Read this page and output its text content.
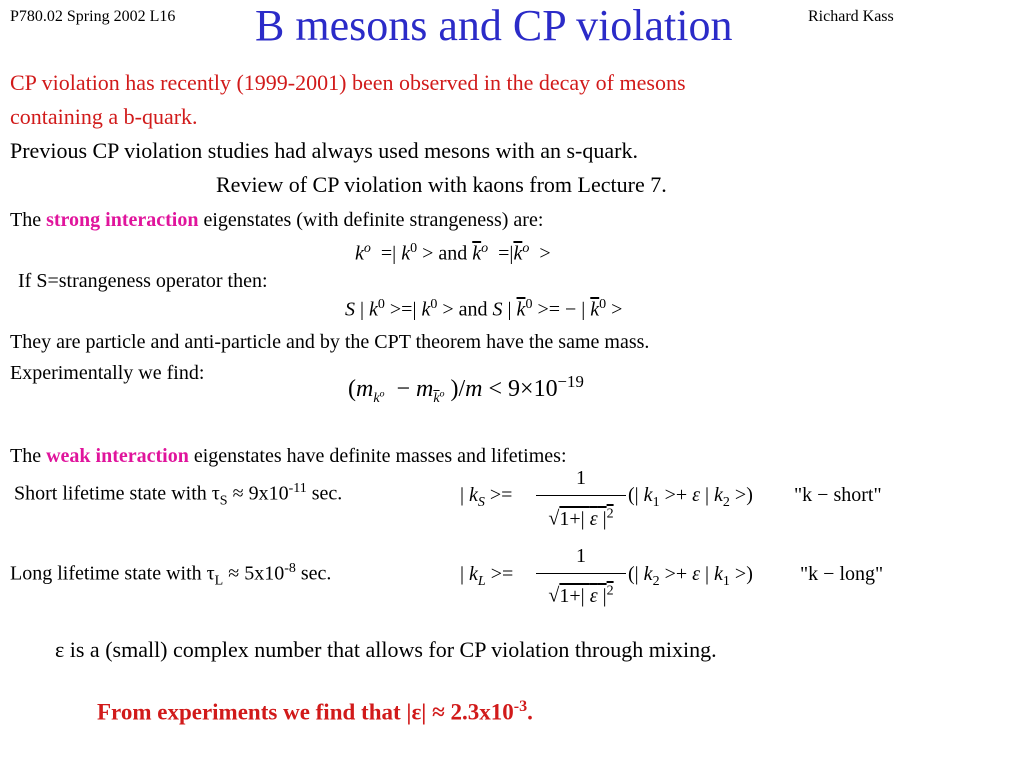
P780.02 Spring 2002 L16 B mesons and CP violation	Richard Kass
CP violation has recently (1999-2001) been observed in the decay of mesons
containing a b-quark.
Previous CP violation studies had always used mesons with an s-quark.
Review of CP violation with kaons from Lecture 7.
The strong interaction eigenstates (with definite strangeness) are:
$k^o$  =| $k^0$ > and $\overline{k}^o =|\overline{k}^o$  >
If S=strangeness operator then:
S | $k^0$ >=| $k^0$ > and S | $\overline{k}^0$ >= − | $\overline{k}^0$ >
They are particle and anti-particle and by the CPT theorem have the same mass.
Experimentally we find:
($m_{k^o} - m_{\overline{k}^o}$ )$/m < 9\times 10^{-19}$
The weak interaction eigenstates have definite masses and lifetimes:
Short lifetime state with $\tau_S \approx 9x10^{-11}$ sec.	| $k_S$ >=
1
√1+| ε $|^2$
(| $k_1 >+ \varepsilon$ | $k_2$ >) "k − short"
Long lifetime state with $\tau_L \approx 5x10^{-8}$ sec.	| $k_L$ >=
1
√1+| ε $|^2$
(| $k_2 >+ \varepsilon$ | $k_1$ >) "k − long"
ε is a (small) complex number that allows for CP violation through mixing.
From experiments we find that $|\varepsilon| \approx 2.3x10^{-3}$.
